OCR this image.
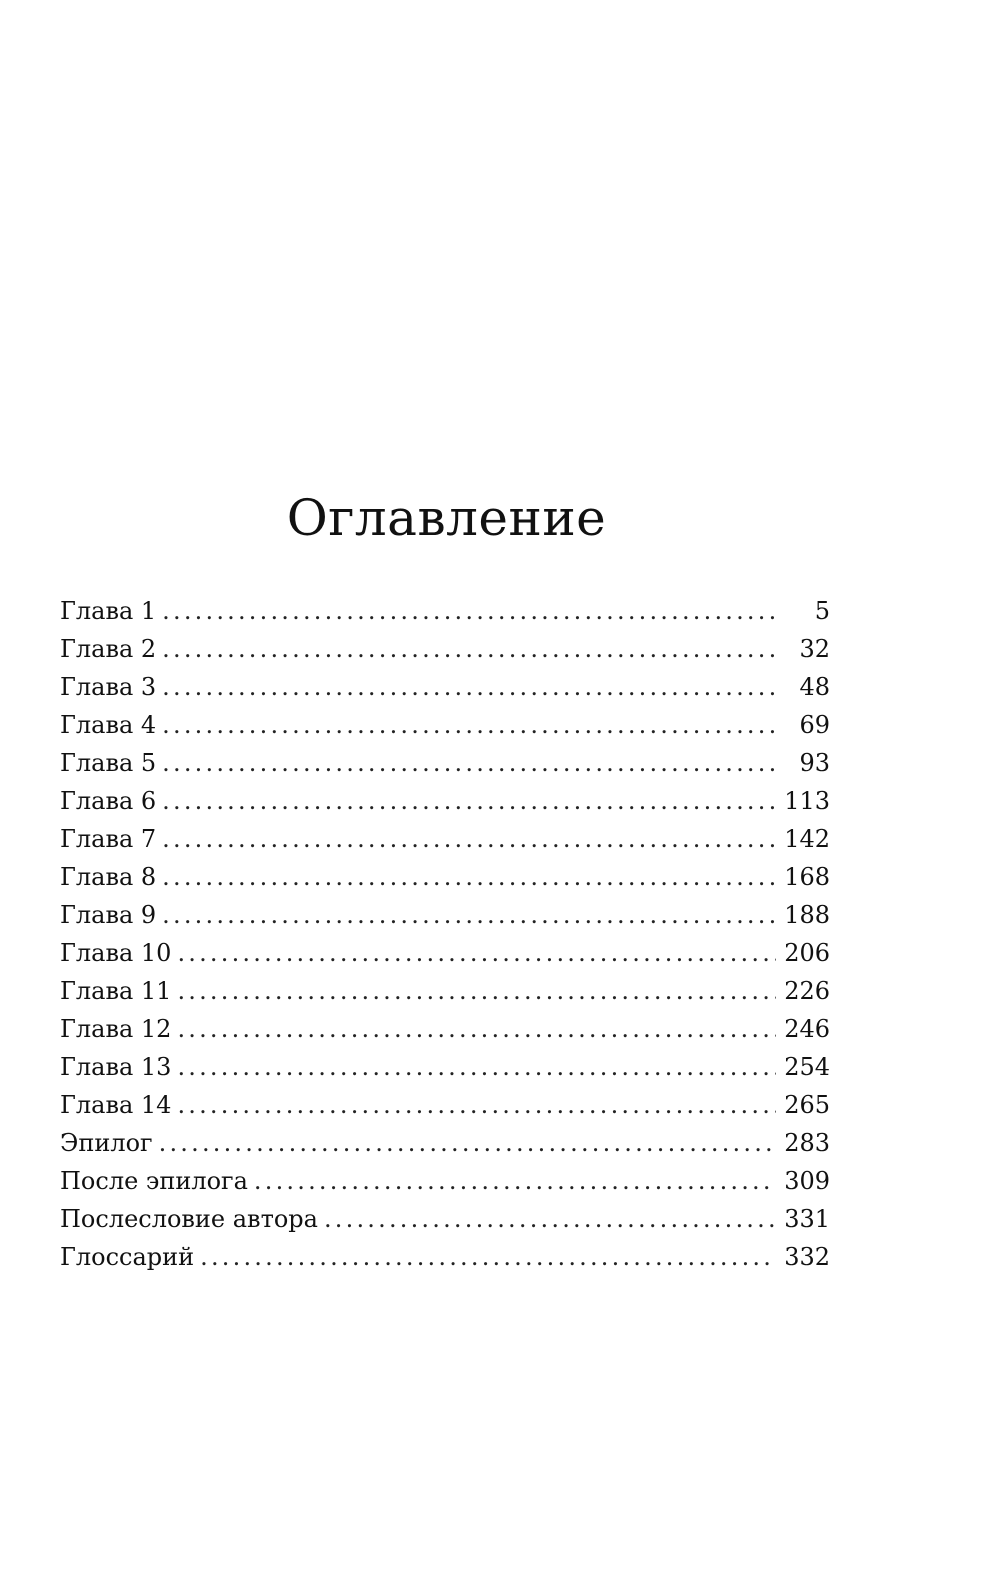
Оглавление
Глава 1 .....	5
Глава 2 .....	32
Глава 3 .....	48
Глава 4 .....	69
Глава 5 .....	93
Глава 6 .....	113
Глава 7 .....	142
Глава 8 .....	168
Глава 9 .....	188
Глава 10 .....	206
Глава 11 .....	226
Глава 12 .....	246
Глава 13 .....	254
Глава 14 .....	265
Эпилог .....	283
После эпилога .....	309
Послесловие автора .....	331
Глоссарий .....	332
